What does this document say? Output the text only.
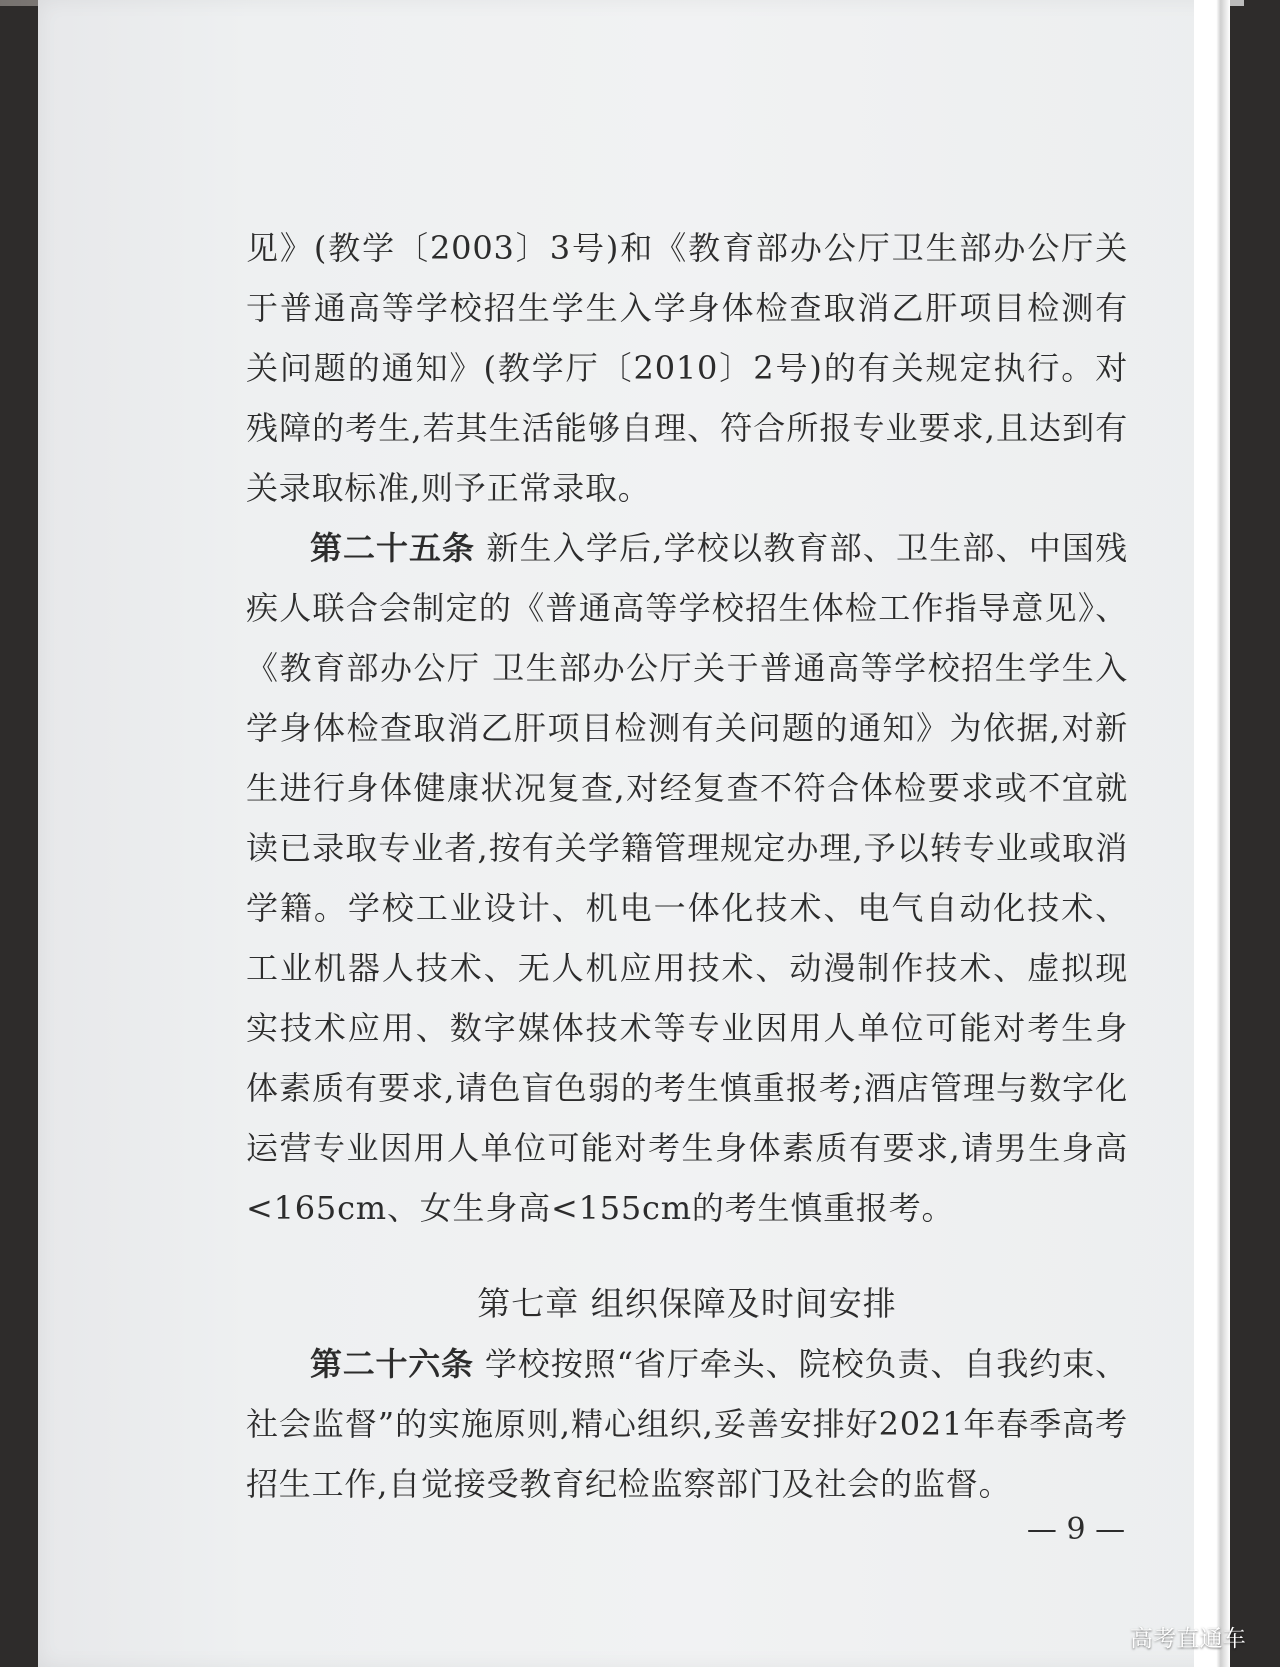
见》(教学〔2003〕3号)和《教育部办公厅卫生部办公厅关于普通高等学校招生学生入学身体检查取消乙肝项目检测有关问题的通知》(教学厅〔2010〕2号)的有关规定执行。对残障的考生,若其生活能够自理、符合所报专业要求,且达到有关录取标准,则予正常录取。

第二十五条 新生入学后,学校以教育部、卫生部、中国残疾人联合会制定的《普通高等学校招生体检工作指导意见》、《教育部办公厅 卫生部办公厅关于普通高等学校招生学生入学身体检查取消乙肝项目检测有关问题的通知》为依据,对新生进行身体健康状况复查,对经复查不符合体检要求或不宜就读已录取专业者,按有关学籍管理规定办理,予以转专业或取消学籍。学校工业设计、机电一体化技术、电气自动化技术、工业机器人技术、无人机应用技术、动漫制作技术、虚拟现实技术应用、数字媒体技术等专业因用人单位可能对考生身体素质有要求,请色盲色弱的考生慎重报考;酒店管理与数字化运营专业因用人单位可能对考生身体素质有要求,请男生身高<165cm、女生身高<155cm的考生慎重报考。

第七章 组织保障及时间安排

第二十六条 学校按照“省厅牵头、院校负责、自我约束、社会监督”的实施原则,精心组织,妥善安排好2021年春季高考招生工作,自觉接受教育纪检监察部门及社会的监督。

— 9 —
高考直通车
